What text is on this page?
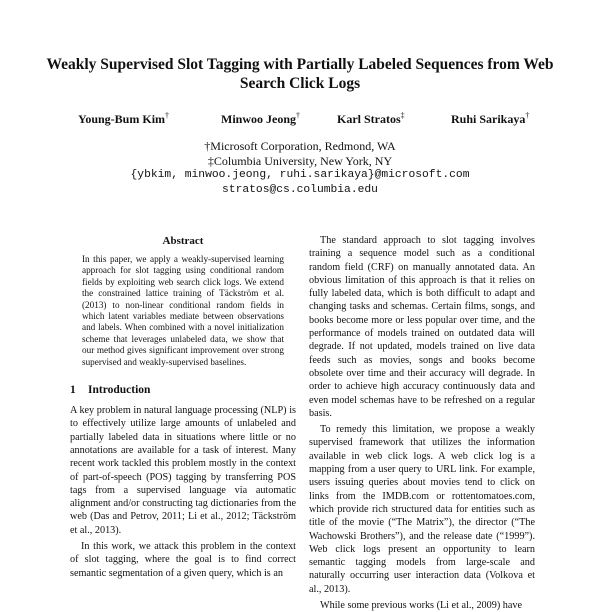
Weakly Supervised Slot Tagging with Partially Labeled Sequences from Web Search Click Logs
Young-Bum Kim†	Minwoo Jeong†	Karl Stratos‡	Ruhi Sarikaya†
†Microsoft Corporation, Redmond, WA
‡Columbia University, New York, NY
{ybkim, minwoo.jeong, ruhi.sarikaya}@microsoft.com
stratos@cs.columbia.edu
Abstract
In this paper, we apply a weakly-supervised learning approach for slot tagging using conditional random fields by exploiting web search click logs. We extend the constrained lattice training of Täckström et al. (2013) to non-linear conditional random fields in which latent variables mediate between observations and labels. When combined with a novel initialization scheme that leverages unlabeled data, we show that our method gives significant improvement over strong supervised and weakly-supervised baselines.
1 Introduction

A key problem in natural language processing (NLP) is to effectively utilize large amounts of unlabeled and partially labeled data in situations where little or no annotations are available for a task of interest. Many recent work tackled this problem mostly in the context of part-of-speech (POS) tagging by transferring POS tags from a supervised language via automatic alignment and/or constructing tag dictionaries from the web (Das and Petrov, 2011; Li et al., 2012; Täckström et al., 2013).

In this work, we attack this problem in the context of slot tagging, where the goal is to find correct semantic segmentation of a given query, which is an

The standard approach to slot tagging involves training a sequence model such as a conditional random field (CRF) on manually annotated data. An obvious limitation of this approach is that it relies on fully labeled data, which is both difficult to adapt and changing tasks and schemas. Certain films, songs, and books become more or less popular over time, and the performance of models trained on outdated data will degrade. If not updated, models trained on live data feeds such as movies, songs and books become obsolete over time and their accuracy will degrade. In order to achieve high accuracy continuously data and even model schemas have to be refreshed on a regular basis.

To remedy this limitation, we propose a weakly supervised framework that utilizes the information available in web click logs. A web click log is a mapping from a user query to URL link. For example, users issuing queries about movies tend to click on links from the IMDB.com or rottentomatoes.com, which provide rich structured data for entities such as title of the movie (“The Matrix”), the director (“The Wachowski Brothers”), and the release date (“1999”). Web click logs present an opportunity to learn semantic tagging models from large-scale and naturally occurring user interaction data (Volkova et al., 2013).

While some previous works (Li et al., 2009) have
